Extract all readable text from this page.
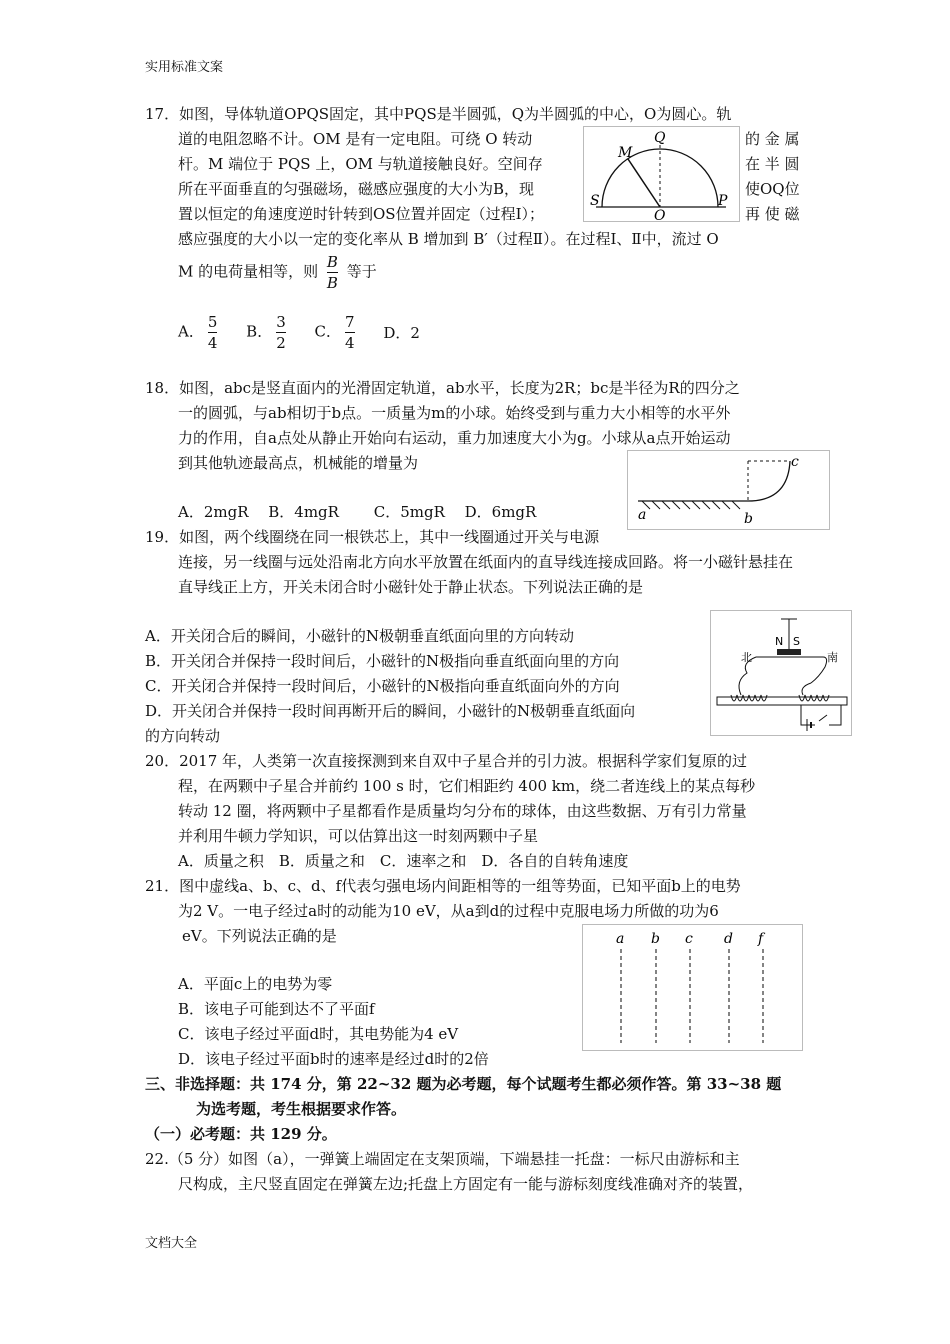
实用标准文案
17．如图，导体轨道OPQS固定，其中PQS是半圆弧，Q为半圆弧的中心，O为圆心。轨
道的电阻忽略不计。OM 是有一定电阻。可绕 O 转动
杆。M 端位于 PQS 上，OM 与轨道接触良好。空间存
所在平面垂直的匀强磁场，磁感应强度的大小为B，现
置以恒定的角速度逆时针转到OS位置并固定（过程Ⅰ）；
的 金 属
在 半 圆
使OQ位
再 使 磁
感应强度的大小以一定的变化率从 B 增加到 B′（过程Ⅱ）。在过程Ⅰ、Ⅱ中，流过 O
M 的电荷量相等，则 $\frac{B}{B}$ 等于
A． $\frac{5}{4}$ B． $\frac{3}{2}$ C． $\frac{7}{4}$ D．2
Q
M
S
O
P
18．如图，abc是竖直面内的光滑固定轨道，ab水平，长度为2R；bc是半径为R的四分之
一的圆弧，与ab相切于b点。一质量为m的小球。始终受到与重力大小相等的水平外
力的作用，自a点处从静止开始向右运动，重力加速度大小为g。小球从a点开始运动
到其他轨迹最高点，机械能的增量为
A．2mgR　 B．4mgR　　 C．5mgR　 D．6mgR	a	b
c
19．如图，两个线圈绕在同一根铁芯上，其中一线圈通过开关与电源
连接，另一线圈与远处沿南北方向水平放置在纸面内的直导线连接成回路。将一小磁针悬挂在
直导线正上方，开关未闭合时小磁针处于静止状态。下列说法正确的是
A．开关闭合后的瞬间，小磁针的N极朝垂直纸面向里的方向转动
B．开关闭合并保持一段时间后，小磁针的N极指向垂直纸面向里的方向
C．开关闭合并保持一段时间后，小磁针的N极指向垂直纸面向外的方向
D．开关闭合并保持一段时间再断开后的瞬间，小磁针的N极朝垂直纸面向
的方向转动
N S
北	南
20．2017 年，人类第一次直接探测到来自双中子星合并的引力波。根据科学家们复原的过
程，在两颗中子星合并前约 100 s 时，它们相距约 400 km，绕二者连线上的某点每秒
转动 12 圈，将两颗中子星都看作是质量均匀分布的球体，由这些数据、万有引力常量
并利用牛顿力学知识，可以估算出这一时刻两颗中子星
A．质量之积　B．质量之和　C．速率之和　D．各自的自转角速度
21．图中虚线a、b、c、d、f代表匀强电场内间距相等的一组等势面，已知平面b上的电势
为2 V。一电子经过a时的动能为10 eV，从a到d的过程中克服电场力所做的功为6
eV。下列说法正确的是
A．平面c上的电势为零
B．该电子可能到达不了平面f
C．该电子经过平面d时，其电势能为4 eV
D．该电子经过平面b时的速率是经过d时的2倍
a b c d f
三、非选择题：共 174 分，第 22~32 题为必考题，每个试题考生都必须作答。第 33~38 题
为选考题，考生根据要求作答。
（一）必考题：共 129 分。
22.（5 分）如图（a），一弹簧上端固定在支架顶端，下端悬挂一托盘：一标尺由游标和主
尺构成，主尺竖直固定在弹簧左边;托盘上方固定有一能与游标刻度线准确对齐的装置，
文档大全
